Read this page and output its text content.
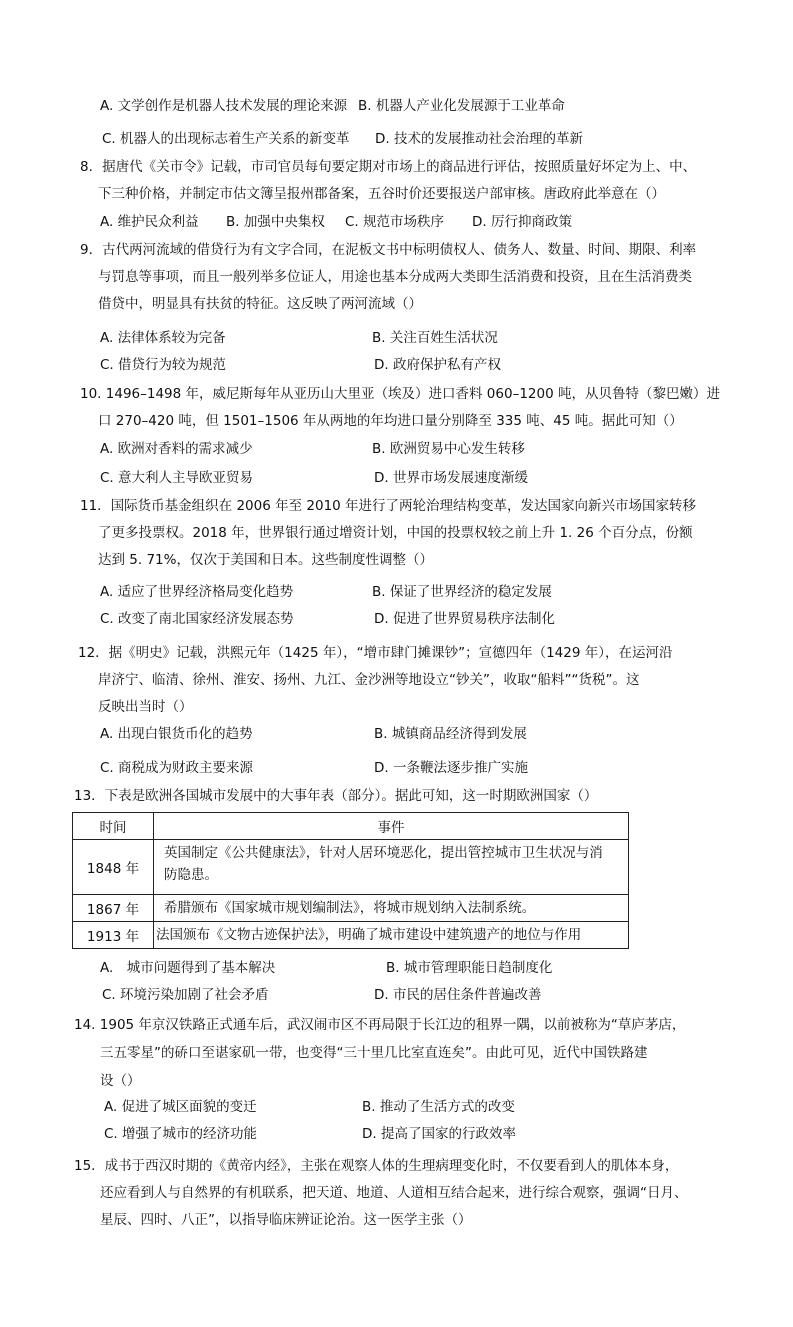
A. 文学创作是机器人技术发展的理论来源 B. 机器人产业化发展源于工业革命
C. 机器人的出现标志着生产关系的新变革 D. 技术的发展推动社会治理的革新
8．据唐代《关市令》记载，市司官员每旬要定期对市场上的商品进行评估，按照质量好坏定为上、中、
下三种价格，并制定市估文簿呈报州郡备案，五谷时价还要报送户部审核。唐政府此举意在（）
A. 维护民众利益 B. 加强中央集权 C. 规范市场秩序 D. 厉行抑商政策
9．古代两河流域的借贷行为有文字合同，在泥板文书中标明债权人、债务人、数量、时间、期限、利率
与罚息等事项，而且一般列举多位证人，用途也基本分成两大类即生活消费和投资，且在生活消费类
借贷中，明显具有扶贫的特征。这反映了两河流域（）
A. 法律体系较为完备	B. 关注百姓生活状况
C. 借贷行为较为规范	D. 政府保护私有产权
10. 1496–1498 年，威尼斯每年从亚历山大里亚（埃及）进口香料 060–1200 吨，从贝鲁特（黎巴嫩）进
口 270–420 吨，但 1501–1506 年从两地的年均进口量分别降至 335 吨、45 吨。据此可知（）
A. 欧洲对香料的需求减少	B. 欧洲贸易中心发生转移
C. 意大利人主导欧亚贸易	D. 世界市场发展速度渐缓
11．国际货币基金组织在 2006 年至 2010 年进行了两轮治理结构变革，发达国家向新兴市场国家转移
了更多投票权。2018 年，世界银行通过增资计划，中国的投票权较之前上升 1. 26 个百分点，份额
达到 5. 71%，仅次于美国和日本。这些制度性调整（）
A. 适应了世界经济格局变化趋势	B. 保证了世界经济的稳定发展
C. 改变了南北国家经济发展态势	D. 促进了世界贸易秩序法制化
12．据《明史》记载，洪熙元年（1425 年），“增市肆门摊课钞”；宣德四年（1429 年），在运河沿
岸济宁、临清、徐州、淮安、扬州、九江、金沙洲等地设立“钞关”，收取“船料”“货税”。这
反映出当时（）
A. 出现白银货币化的趋势	B. 城镇商品经济得到发展
C. 商税成为财政主要来源	D. 一条鞭法逐步推广实施
13．下表是欧洲各国城市发展中的大事年表（部分）。据此可知，这一时期欧洲国家（）
时间	事件
1848 年	英国制定《公共健康法》，针对人居环境恶化，提出管控城市卫生状况与消
防隐患。

1867 年	希腊颁布《国家城市规划编制法》，将城市规划纳入法制系统。
1913 年	法国颁布《文物古迹保护法》，明确了城市建设中建筑遗产的地位与作用
A.　城市问题得到了基本解决	B. 城市管理职能日趋制度化
C. 环境污染加剧了社会矛盾	D. 市民的居住条件普遍改善
14. 1905 年京汉铁路正式通车后，武汉闹市区不再局限于长江边的租界一隅，以前被称为“草庐茅店，
三五零星”的硚口至谌家矶一带，也变得“三十里几比室直连矣”。由此可见，近代中国铁路建
设（）
A. 促进了城区面貌的变迁	B. 推动了生活方式的改变
C. 增强了城市的经济功能	D. 提高了国家的行政效率
15．成书于西汉时期的《黄帝内经》，主张在观察人体的生理病理变化时，不仅要看到人的肌体本身，
还应看到人与自然界的有机联系，把天道、地道、人道相互结合起来，进行综合观察，强调“日月、
星辰、四时、八正”，以指导临床辨证论治。这一医学主张（）
